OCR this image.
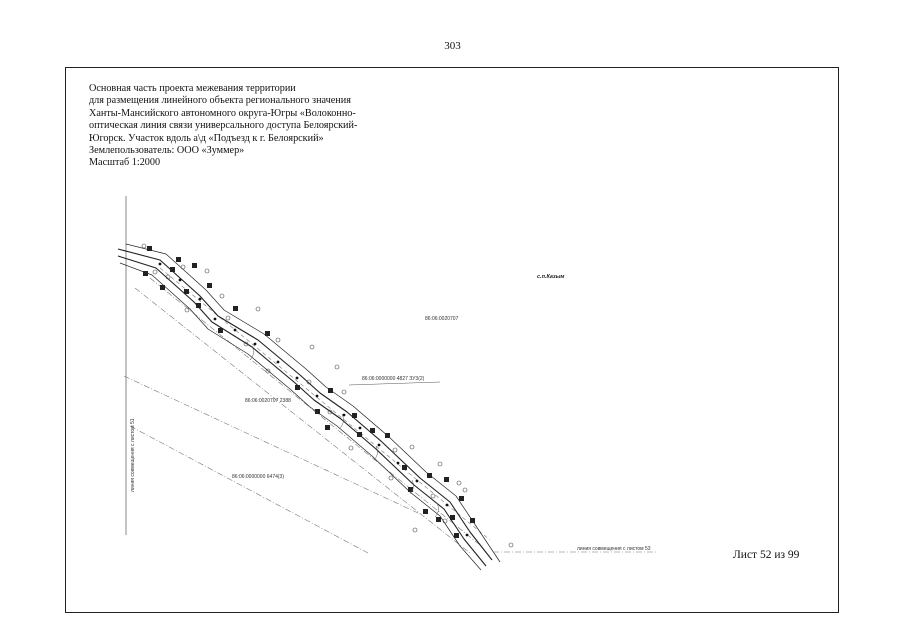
303
Основная часть проекта межевания территории
для размещения линейного объекта регионального значения
Ханты-Мансийского автономного округа-Югры «Волоконно-
оптическая линия связи универсального доступа Белоярский-
Югорск. Участок вдоль а\д «Подъезд к г. Белоярский»
Землепользователь: ООО «Зуммер»
Масштаб 1:2000
линия совмещения с листом 51
линия совмещения с листом 53
с.п.Казым
86:06:0020707
86:06:0000000 4827 ЗУ3(2)
86:06:0020707 2388
86:06:0000000 6474(3)
Лист 52 из 99
